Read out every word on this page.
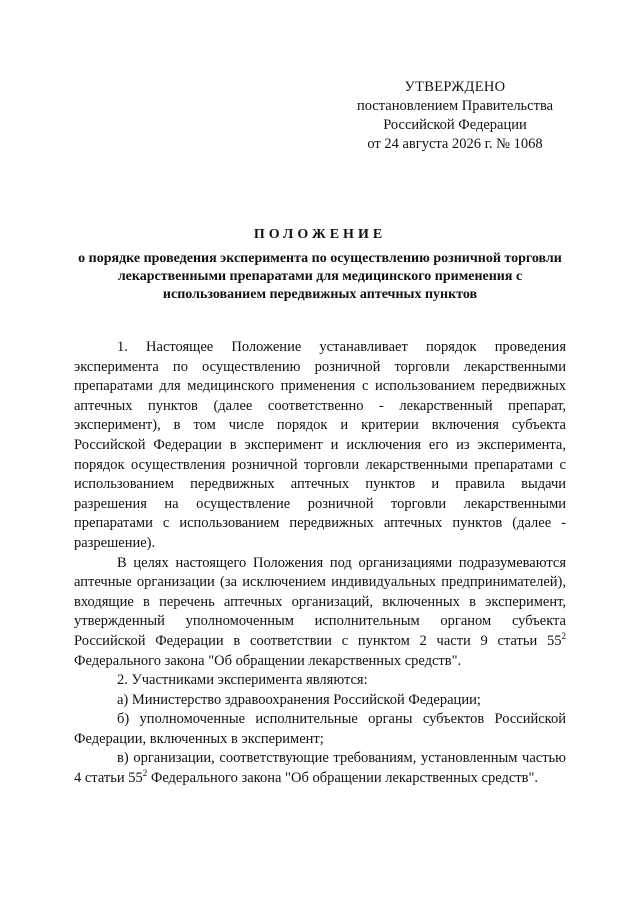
УТВЕРЖДЕНО
постановлением Правительства
Российской Федерации
от 24 августа 2026 г. № 1068
ПОЛОЖЕНИЕ
о порядке проведения эксперимента по осуществлению розничной торговли лекарственными препаратами для медицинского применения с использованием передвижных аптечных пунктов

1. Настоящее Положение устанавливает порядок проведения эксперимента по осуществлению розничной торговли лекарственными препаратами для медицинского применения с использованием передвижных аптечных пунктов (далее соответственно - лекарственный препарат, эксперимент), в том числе порядок и критерии включения субъекта Российской Федерации в эксперимент и исключения его из эксперимента, порядок осуществления розничной торговли лекарственными препаратами с использованием передвижных аптечных пунктов и правила выдачи разрешения на осуществление розничной торговли лекарственными препаратами с использованием передвижных аптечных пунктов (далее - разрешение).

В целях настоящего Положения под организациями подразумеваются аптечные организации (за исключением индивидуальных предпринимателей), входящие в перечень аптечных организаций, включенных в эксперимент, утвержденный уполномоченным исполнительным органом субъекта Российской Федерации в соответствии с пунктом 2 части 9 статьи $55^2$ Федерального закона "Об обращении лекарственных средств".

2. Участниками эксперимента являются:

а) Министерство здравоохранения Российской Федерации;

б) уполномоченные исполнительные органы субъектов Российской Федерации, включенных в эксперимент;

в) организации, соответствующие требованиям, установленным частью 4 статьи $55^2$ Федерального закона "Об обращении лекарственных средств".
